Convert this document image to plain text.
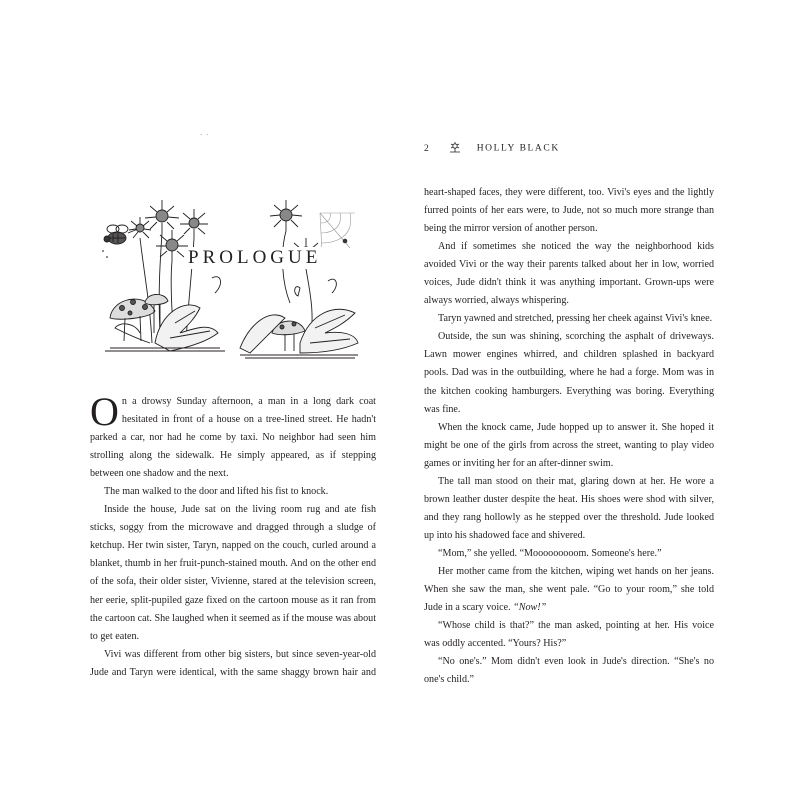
· ·
PROLOGUE

On a drowsy Sunday afternoon, a man in a long dark coat hesitated in front of a house on a tree-lined street. He hadn't parked a car, nor had he come by taxi. No neighbor had seen him strolling along the sidewalk. He simply appeared, as if stepping between one shadow and the next.

The man walked to the door and lifted his fist to knock.

Inside the house, Jude sat on the living room rug and ate fish sticks, soggy from the microwave and dragged through a sludge of ketchup. Her twin sister, Taryn, napped on the couch, curled around a blanket, thumb in her fruit-punch-stained mouth. And on the other end of the sofa, their older sister, Vivienne, stared at the television screen, her eerie, split-pupiled gaze fixed on the cartoon mouse as it ran from the cartoon cat. She laughed when it seemed as if the mouse was about to get eaten.

Vivi was different from other big sisters, but since seven-year-old Jude and Taryn were identical, with the same shaggy brown hair and

2	HOLLY BLACK

heart-shaped faces, they were different, too. Vivi's eyes and the lightly furred points of her ears were, to Jude, not so much more strange than being the mirror version of another person.

And if sometimes she noticed the way the neighborhood kids avoided Vivi or the way their parents talked about her in low, worried voices, Jude didn't think it was anything important. Grown-ups were always worried, always whispering.

Taryn yawned and stretched, pressing her cheek against Vivi's knee.

Outside, the sun was shining, scorching the asphalt of driveways. Lawn mower engines whirred, and children splashed in backyard pools. Dad was in the outbuilding, where he had a forge. Mom was in the kitchen cooking hamburgers. Everything was boring. Everything was fine.

When the knock came, Jude hopped up to answer it. She hoped it might be one of the girls from across the street, wanting to play video games or inviting her for an after-dinner swim.

The tall man stood on their mat, glaring down at her. He wore a brown leather duster despite the heat. His shoes were shod with silver, and they rang hollowly as he stepped over the threshold. Jude looked up into his shadowed face and shivered.

“Mom,” she yelled. “Mooooooooom. Someone's here.”

Her mother came from the kitchen, wiping wet hands on her jeans. When she saw the man, she went pale. “Go to your room,” she told Jude in a scary voice. “Now!”

“Whose child is that?” the man asked, pointing at her. His voice was oddly accented. “Yours? His?”

“No one's.” Mom didn't even look in Jude's direction. “She's no one's child.”
